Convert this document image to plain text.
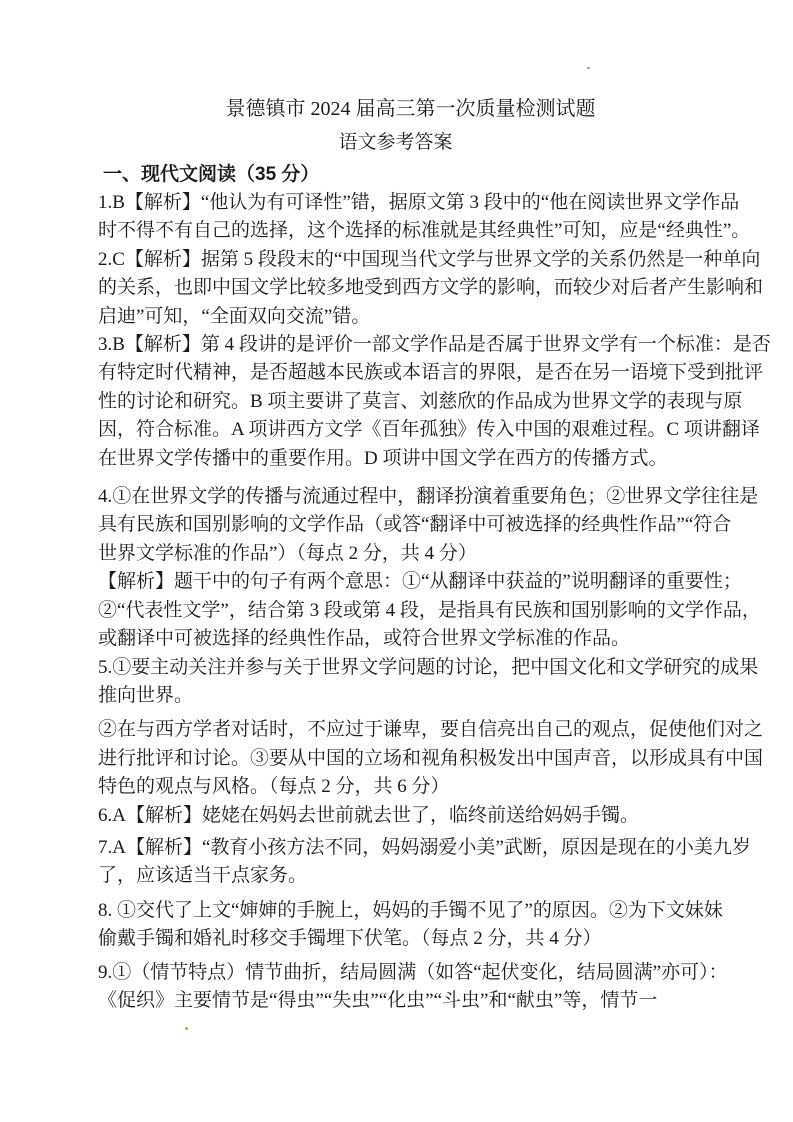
景德镇市 2024 届高三第一次质量检测试题
语文参考答案
一、现代文阅读（35 分）
1.B【解析】“他认为有可译性”错，据原文第 3 段中的“他在阅读世界文学作品
时不得不有自己的选择，这个选择的标准就是其经典性”可知，应是“经典性”。
2.C【解析】据第 5 段段末的“中国现当代文学与世界文学的关系仍然是一种单向
的关系，也即中国文学比较多地受到西方文学的影响，而较少对后者产生影响和
启迪”可知，“全面双向交流”错。
3.B【解析】第 4 段讲的是评价一部文学作品是否属于世界文学有一个标准：是否
有特定时代精神，是否超越本民族或本语言的界限，是否在另一语境下受到批评
性的讨论和研究。B 项主要讲了莫言、刘慈欣的作品成为世界文学的表现与原
因，符合标准。A 项讲西方文学《百年孤独》传入中国的艰难过程。C 项讲翻译
在世界文学传播中的重要作用。D 项讲中国文学在西方的传播方式。
4.①在世界文学的传播与流通过程中，翻译扮演着重要角色；②世界文学往往是
具有民族和国别影响的文学作品（或答“翻译中可被选择的经典性作品”“符合
世界文学标准的作品”）（每点 2 分，共 4 分）
【解析】题干中的句子有两个意思：①“从翻译中获益的”说明翻译的重要性；
②“代表性文学”，结合第 3 段或第 4 段，是指具有民族和国别影响的文学作品，
或翻译中可被选择的经典性作品，或符合世界文学标准的作品。
5.①要主动关注并参与关于世界文学问题的讨论，把中国文化和文学研究的成果
推向世界。
②在与西方学者对话时，不应过于谦卑，要自信亮出自己的观点，促使他们对之
进行批评和讨论。③要从中国的立场和视角积极发出中国声音，以形成具有中国
特色的观点与风格。（每点 2 分，共 6 分）
6.A【解析】姥姥在妈妈去世前就去世了，临终前送给妈妈手镯。
7.A【解析】“教育小孩方法不同，妈妈溺爱小美”武断，原因是现在的小美九岁
了，应该适当干点家务。
8. ①交代了上文“婶婶的手腕上，妈妈的手镯不见了”的原因。②为下文妹妹
偷戴手镯和婚礼时移交手镯埋下伏笔。（每点 2 分，共 4 分）
9.①（情节特点）情节曲折，结局圆满（如答“起伏变化，结局圆满”亦可）：
《促织》主要情节是“得虫”“失虫”“化虫”“斗虫”和“献虫”等，情节一
